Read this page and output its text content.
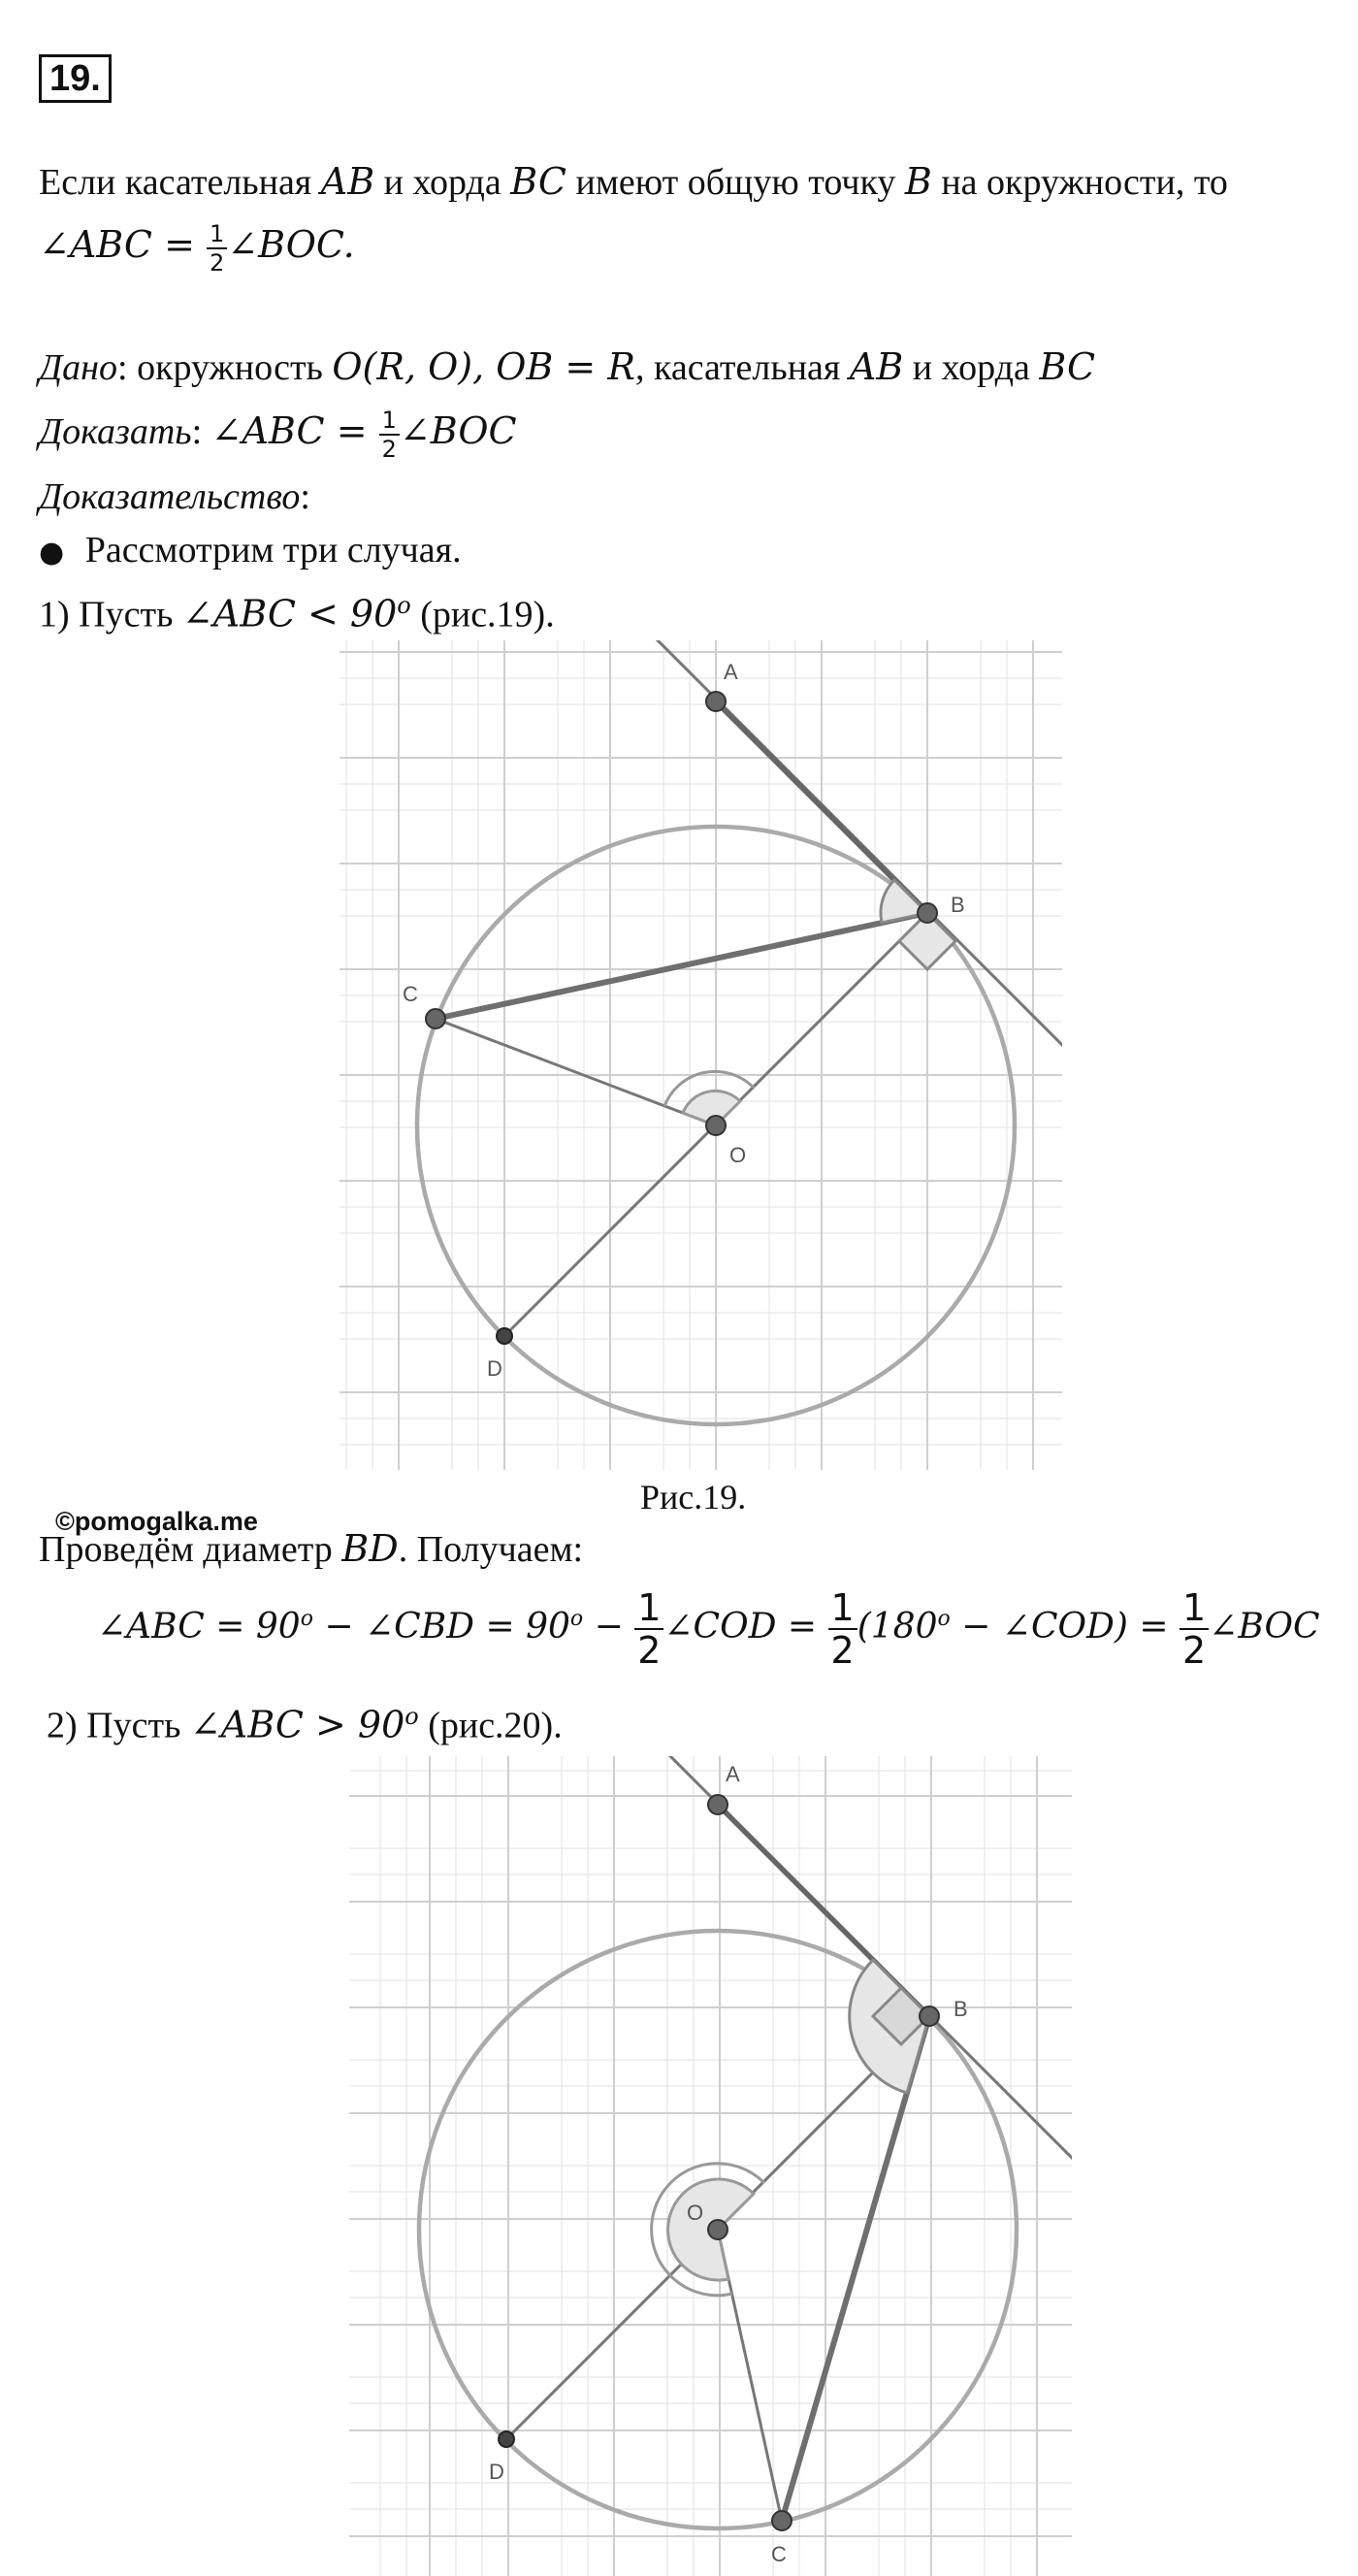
19.
Если касательная AB и хорда BC имеют общую точку B на окружности, то
∠ABC = $\frac{1}{2}$ ∠BOC.
Дано: окружность O(R, O), OB = R, касательная AB и хорда BC
Доказать: ∠ABC = $\frac{1}{2}$ ∠BOC
Доказательство:
● Рассмотрим три случая.
1) Пусть ∠ABC < $90^o$ (рис.19).
A
B
C
O
D
A
B
C
O
D
Рис.19.
©pomogalka.me
Проведём диаметр BD. Получаем:
∠ABC = $90^o$ − ∠CBD = $90^o - \frac{1}{2}$ ∠COD = $\frac{1}{2} (180^o$ − ∠COD) = $\frac{1}{2}$ ∠BOC
2) Пусть ∠ABC > $90^o$ (рис.20).
